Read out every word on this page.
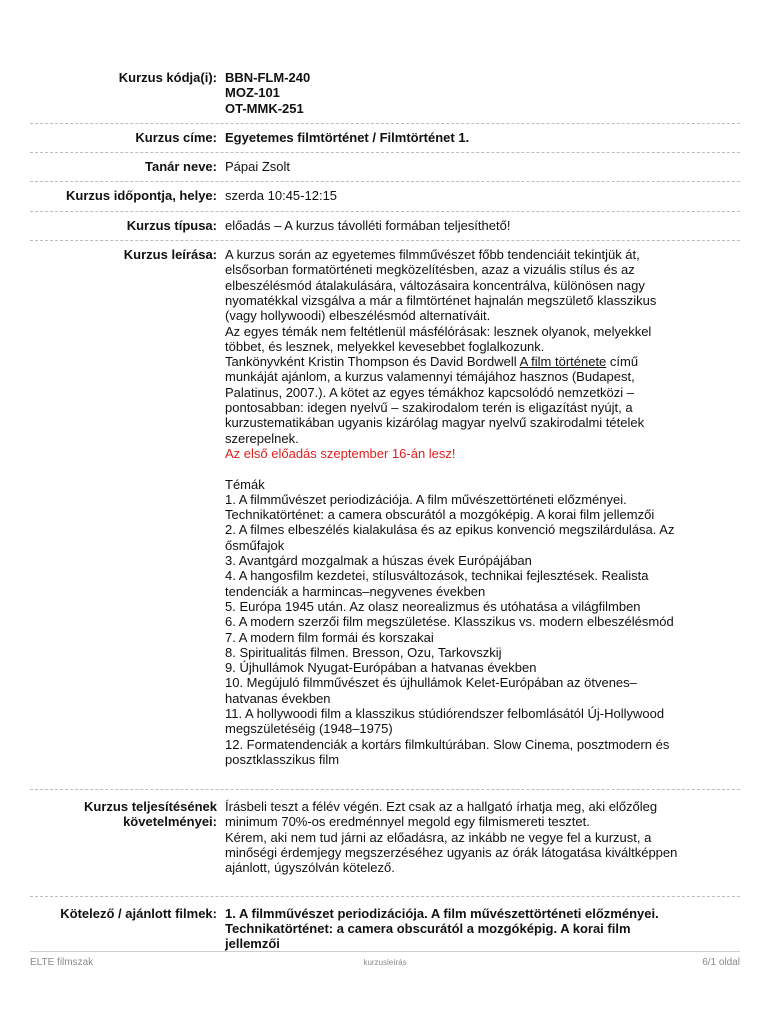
Kurzus kódja(i): BBN-FLM-240
MOZ-101
OT-MMK-251
Kurzus címe: Egyetemes filmtörténet / Filmtörténet 1.
Tanár neve: Pápai Zsolt
Kurzus időpontja, helye: szerda 10:45-12:15
Kurzus típusa: előadás – A kurzus távolléti formában teljesíthető!
Kurzus leírása: A kurzus során az egyetemes filmművészet főbb tendenciáit tekintjük át,
elsősorban formatörténeti megközelítésben, azaz a vizuális stílus és az
elbeszélésmód átalakulására, változásaira koncentrálva, különösen nagy
nyomatékkal vizsgálva a már a filmtörténet hajnalán megszülető klasszikus
(vagy hollywoodi) elbeszélésmód alternatíváit.
Az egyes témák nem feltétlenül másfélórásak: lesznek olyanok, melyekkel
többet, és lesznek, melyekkel kevesebbet foglalkozunk.
Tankönyvként Kristin Thompson és David Bordwell A film története című
munkáját ajánlom, a kurzus valamennyi témájához hasznos (Budapest,
Palatinus, 2007.). A kötet az egyes témákhoz kapcsolódó nemzetközi –
pontosabban: idegen nyelvű – szakirodalom terén is eligazítást nyújt, a
kurzustematikában ugyanis kizárólag magyar nyelvű szakirodalmi tételek
szerepelnek.
Az első előadás szeptember 16-án lesz!
Témák
1. A filmművészet periodizációja. A film művészettörténeti előzményei.
Technikatörténet: a camera obscurától a mozgóképig. A korai film jellemzői
2. A filmes elbeszélés kialakulása és az epikus konvenció megszilárdulása. Az
ősműfajok
3. Avantgárd mozgalmak a húszas évek Európájában
4. A hangosfilm kezdetei, stílusváltozások, technikai fejlesztések. Realista
tendenciák a harmincas–negyvenes években
5. Európa 1945 után. Az olasz neorealizmus és utóhatása a világfilmben
6. A modern szerzői film megszületése. Klasszikus vs. modern elbeszélésmód
7. A modern film formái és korszakai
8. Spiritualitás filmen. Bresson, Ozu, Tarkovszkij
9. Újhullámok Nyugat-Európában a hatvanas években
10. Megújuló filmművészet és újhullámok Kelet-Európában az ötvenes–
hatvanas években
11. A hollywoodi film a klasszikus stúdiórendszer felbomlásától Új-Hollywood
megszületéséig (1948–1975)
12. Formatendenciák a kortárs filmkultúrában. Slow Cinema, posztmodern és
posztklasszikus film
Kurzus teljesítésének
követelményei:
Írásbeli teszt a félév végén. Ezt csak az a hallgató írhatja meg, aki előzőleg
minimum 70%-os eredménnyel megold egy filmismereti tesztet.
Kérem, aki nem tud járni az előadásra, az inkább ne vegye fel a kurzust, a
minőségi érdemjegy megszerzéséhez ugyanis az órák látogatása kiváltképpen
ajánlott, úgyszólván kötelező.
Kötelező / ajánlott filmek: 1. A filmművészet periodizációja. A film művészettörténeti előzményei.
Technikatörténet: a camera obscurától a mozgóképig. A korai film
jellemzői
ELTE filmszak	kurzusleírás	6/1 oldal
